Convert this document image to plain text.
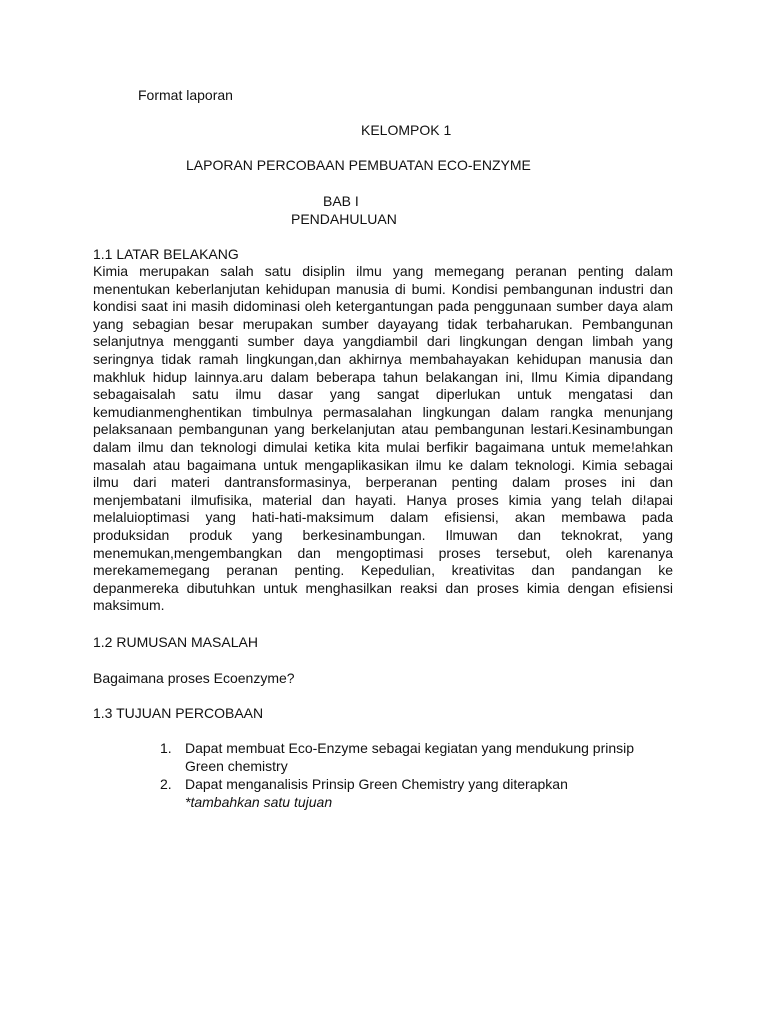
Format laporan
KELOMPOK 1
LAPORAN PERCOBAAN PEMBUATAN ECO-ENZYME
BAB I
PENDAHULUAN
1.1 LATAR BELAKANG
Kimia merupakan salah satu disiplin ilmu yang memegang peranan penting dalam
menentukan keberlanjutan kehidupan manusia di bumi. Kondisi pembangunan industri dan
kondisi saat ini masih didominasi oleh ketergantungan pada penggunaan sumber daya alam
yang sebagian besar merupakan sumber dayayang tidak terbaharukan. Pembangunan
selanjutnya mengganti sumber daya yangdiambil dari lingkungan dengan limbah yang
seringnya tidak ramah lingkungan,dan akhirnya membahayakan kehidupan manusia dan
makhluk hidup lainnya.aru dalam beberapa tahun belakangan ini, Ilmu Kimia dipandang
sebagaisalah satu ilmu dasar yang sangat diperlukan untuk mengatasi dan
kemudianmenghentikan timbulnya permasalahan lingkungan dalam rangka menunjang
pelaksanaan pembangunan yang berkelanjutan atau pembangunan lestari.Kesinambungan
dalam ilmu dan teknologi dimulai ketika kita mulai berfikir bagaimana untuk meme!ahkan
masalah atau bagaimana untuk mengaplikasikan ilmu ke dalam teknologi. Kimia sebagai
ilmu dari materi dantransformasinya, berperanan penting dalam proses ini dan
menjembatani ilmufisika, material dan hayati. Hanya proses kimia yang telah di!apai
melaluioptimasi yang hati-hati-maksimum dalam efisiensi, akan membawa pada
produksidan produk yang berkesinambungan. Ilmuwan dan teknokrat, yang
menemukan,mengembangkan dan mengoptimasi proses tersebut, oleh karenanya
merekamemegang peranan penting. Kepedulian, kreativitas dan pandangan ke
depanmereka dibutuhkan untuk menghasilkan reaksi dan proses kimia dengan efisiensi
maksimum.
1.2 RUMUSAN MASALAH
Bagaimana proses Ecoenzyme?
1.3 TUJUAN PERCOBAAN
1. Dapat membuat Eco-Enzyme sebagai kegiatan yang mendukung prinsip
Green chemistry
2. Dapat menganalisis Prinsip Green Chemistry yang diterapkan
*tambahkan satu tujuan
